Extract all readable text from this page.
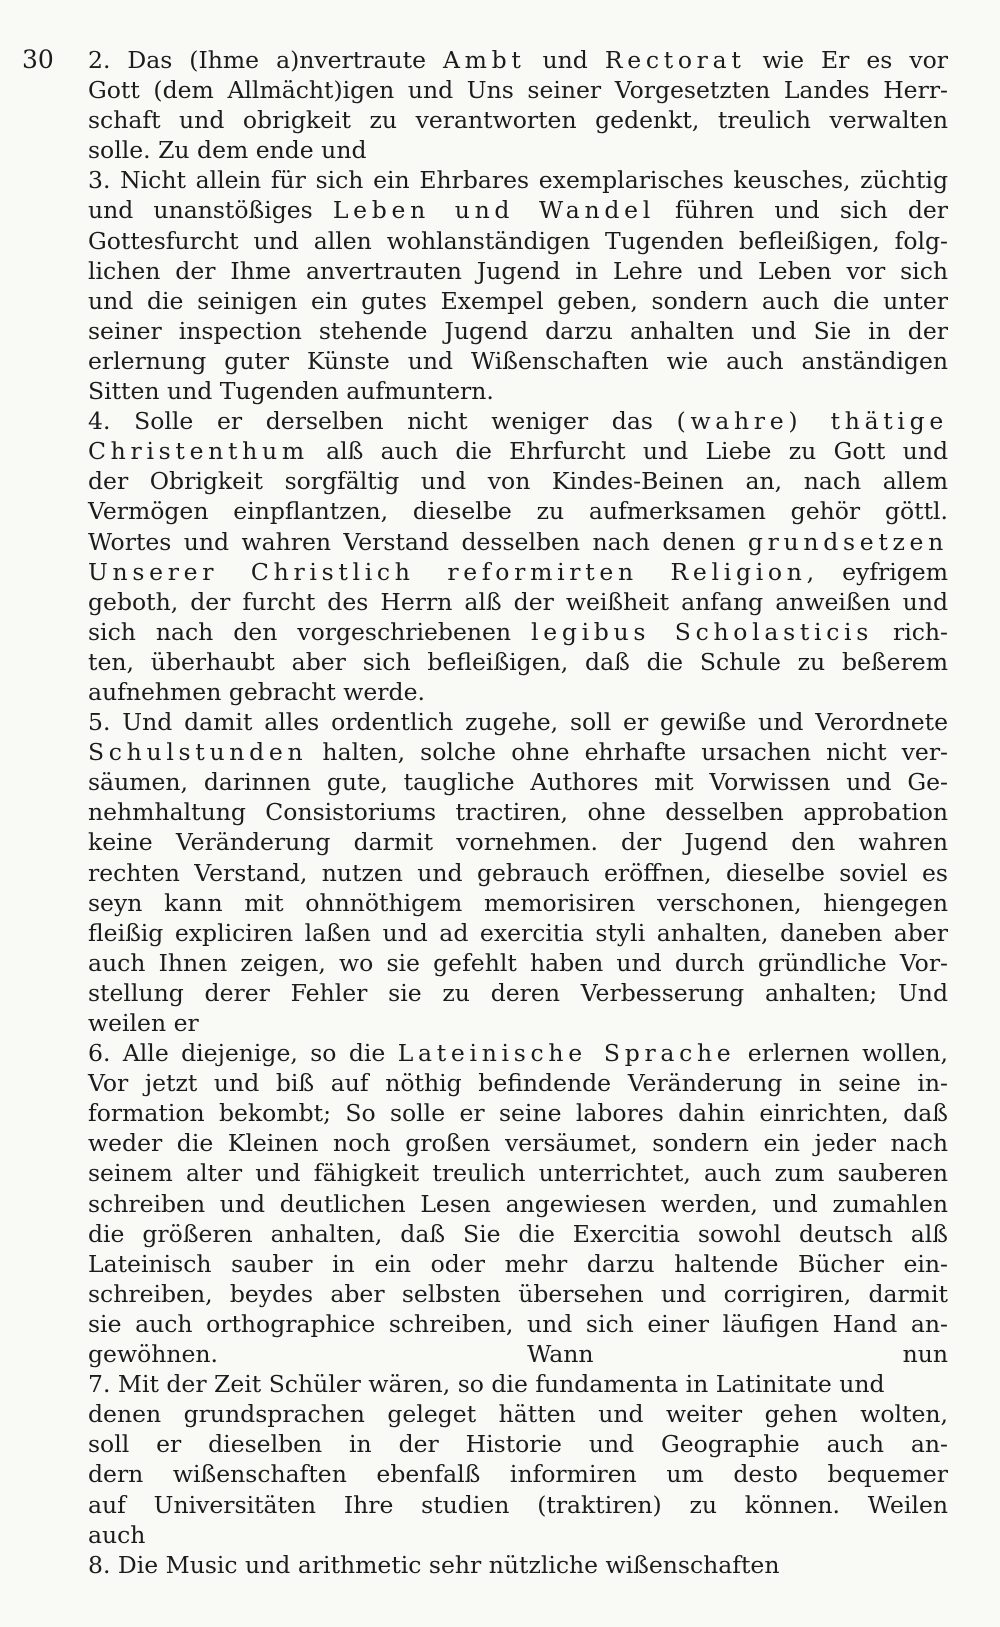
30 2. Das (Ihme a)nvertraute Ambt und Rectorat wie Er es vor
Gott (dem Allmächt)igen und Uns seiner Vorgesetzten Landes Herr-
schaft und obrigkeit zu verantworten gedenkt, treulich verwalten
solle. Zu dem ende und
3. Nicht allein für sich ein Ehrbares exemplarisches keusches, züchtig
und unanstößiges Leben und Wandel führen und sich der
Gottesfurcht und allen wohlanständigen Tugenden befleißigen, folg-
lichen der Ihme anvertrauten Jugend in Lehre und Leben vor sich
und die seinigen ein gutes Exempel geben, sondern auch die unter
seiner inspection stehende Jugend darzu anhalten und Sie in der
erlernung guter Künste und Wißenschaften wie auch anständigen
Sitten und Tugenden aufmuntern.
4. Solle er derselben nicht weniger das (wahre) thätige
Christenthum alß auch die Ehrfurcht und Liebe zu Gott und
der Obrigkeit sorgfältig und von Kindes-Beinen an, nach allem
Vermögen einpflantzen, dieselbe zu aufmerksamen gehör göttl.
Wortes und wahren Verstand desselben nach denen grundsetzen
Unserer Christlich reformirten Religion, eyfrigem
geboth, der furcht des Herrn alß der weißheit anfang anweißen und
sich nach den vorgeschriebenen legibus Scholasticis rich-
ten, überhaubt aber sich befleißigen, daß die Schule zu beßerem
aufnehmen gebracht werde.
5. Und damit alles ordentlich zugehe, soll er gewiße und Verordnete
Schulstunden halten, solche ohne ehrhafte ursachen nicht ver-
säumen, darinnen gute, taugliche Authores mit Vorwissen und Ge-
nehmhaltung Consistoriums tractiren, ohne desselben approbation
keine Veränderung darmit vornehmen. der Jugend den wahren
rechten Verstand, nutzen und gebrauch eröffnen, dieselbe soviel es
seyn kann mit ohnnöthigem memorisiren verschonen, hiengegen
fleißig expliciren laßen und ad exercitia styli anhalten, daneben aber
auch Ihnen zeigen, wo sie gefehlt haben und durch gründliche Vor-
stellung derer Fehler sie zu deren Verbesserung anhalten; Und
weilen er
6. Alle diejenige, so die Lateinische Sprache erlernen wollen,
Vor jetzt und biß auf nöthig befindende Veränderung in seine in-
formation bekombt; So solle er seine labores dahin einrichten, daß
weder die Kleinen noch großen versäumet, sondern ein jeder nach
seinem alter und fähigkeit treulich unterrichtet, auch zum sauberen
schreiben und deutlichen Lesen angewiesen werden, und zumahlen
die größeren anhalten, daß Sie die Exercitia sowohl deutsch alß
Lateinisch sauber in ein oder mehr darzu haltende Bücher ein-
schreiben, beydes aber selbsten übersehen und corrigiren, darmit
sie auch orthographice schreiben, und sich einer läufigen Hand an-
gewöhnen. Wann nun
7. Mit der Zeit Schüler wären, so die fundamenta in Latinitate und
denen grundsprachen geleget hätten und weiter gehen wolten,
soll er dieselben in der Historie und Geographie auch an-
dern wißenschaften ebenfalß informiren um desto bequemer
auf Universitäten Ihre studien (traktiren) zu können. Weilen
auch
8. Die Music und arithmetic sehr nützliche wißenschaften
